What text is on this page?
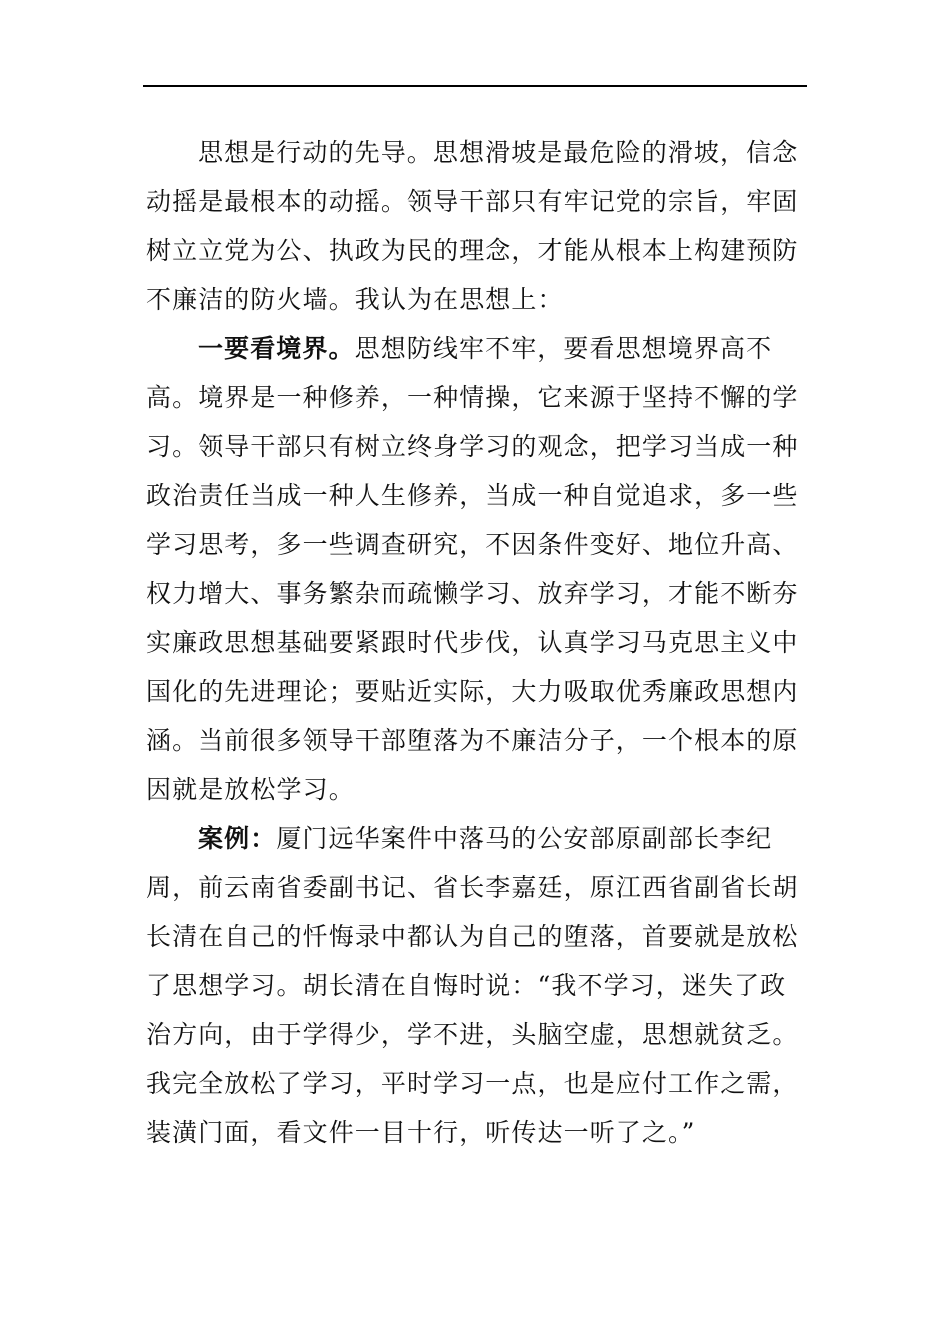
思想是行动的先导。思想滑坡是最危险的滑坡，信念动摇是最根本的动摇。领导干部只有牢记党的宗旨，牢固树立立党为公、执政为民的理念，才能从根本上构建预防不廉洁的防火墙。我认为在思想上：

一要看境界。思想防线牢不牢，要看思想境界高不高。境界是一种修养，一种情操，它来源于坚持不懈的学习。领导干部只有树立终身学习的观念，把学习当成一种政治责任当成一种人生修养，当成一种自觉追求，多一些学习思考，多一些调查研究，不因条件变好、地位升高、权力增大、事务繁杂而疏懒学习、放弃学习，才能不断夯实廉政思想基础要紧跟时代步伐，认真学习马克思主义中国化的先进理论；要贴近实际，大力吸取优秀廉政思想内涵。当前很多领导干部堕落为不廉洁分子，一个根本的原因就是放松学习。

案例：厦门远华案件中落马的公安部原副部长李纪周，前云南省委副书记、省长李嘉廷，原江西省副省长胡长清在自己的忏悔录中都认为自己的堕落，首要就是放松了思想学习。胡长清在自悔时说：“我不学习，迷失了政治方向，由于学得少，学不进，头脑空虚，思想就贫乏。我完全放松了学习，平时学习一点，也是应付工作之需，装潢门面，看文件一目十行，听传达一听了之。”
